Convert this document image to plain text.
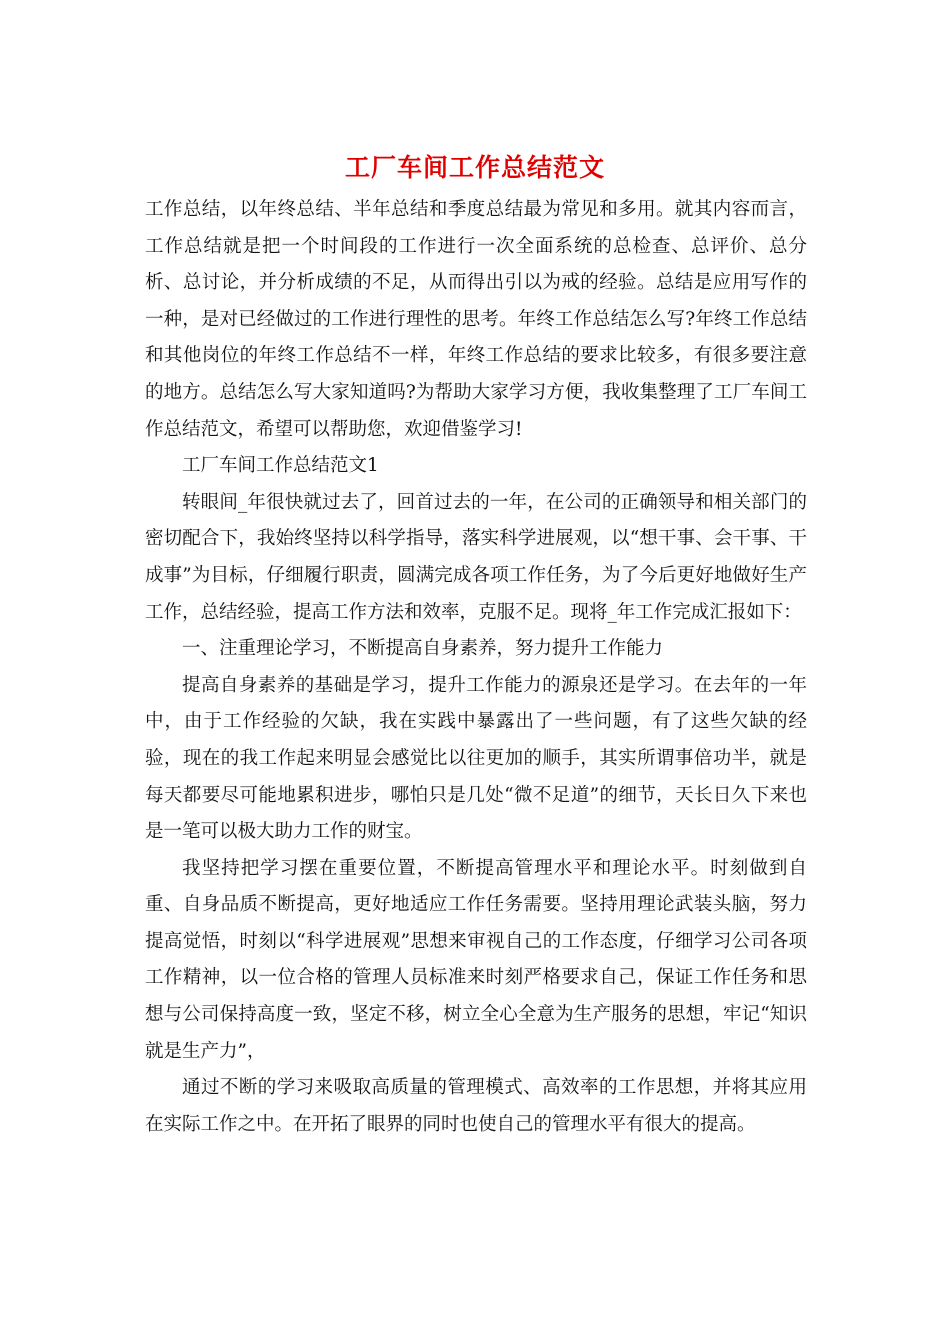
工厂车间工作总结范文

工作总结，以年终总结、半年总结和季度总结最为常见和多用。就其内容而言，工作总结就是把一个时间段的工作进行一次全面系统的总检查、总评价、总分析、总讨论，并分析成绩的不足，从而得出引以为戒的经验。总结是应用写作的一种，是对已经做过的工作进行理性的思考。年终工作总结怎么写?年终工作总结和其他岗位的年终工作总结不一样，年终工作总结的要求比较多，有很多要注意的地方。总结怎么写大家知道吗?为帮助大家学习方便，我收集整理了工厂车间工作总结范文，希望可以帮助您，欢迎借鉴学习!

工厂车间工作总结范文1

转眼间_年很快就过去了，回首过去的一年，在公司的正确领导和相关部门的密切配合下，我始终坚持以科学指导，落实科学进展观，以“想干事、会干事、干成事”为目标，仔细履行职责，圆满完成各项工作任务，为了今后更好地做好生产工作，总结经验，提高工作方法和效率，克服不足。现将_年工作完成汇报如下：

一、注重理论学习，不断提高自身素养，努力提升工作能力

提高自身素养的基础是学习，提升工作能力的源泉还是学习。在去年的一年中，由于工作经验的欠缺，我在实践中暴露出了一些问题，有了这些欠缺的经验，现在的我工作起来明显会感觉比以往更加的顺手，其实所谓事倍功半，就是每天都要尽可能地累积进步，哪怕只是几处“微不足道”的细节，天长日久下来也是一笔可以极大助力工作的财宝。

我坚持把学习摆在重要位置，不断提高管理水平和理论水平。时刻做到自重、自身品质不断提高，更好地适应工作任务需要。坚持用理论武装头脑，努力提高觉悟，时刻以“科学进展观”思想来审视自己的工作态度，仔细学习公司各项工作精神，以一位合格的管理人员标准来时刻严格要求自己，保证工作任务和思想与公司保持高度一致，坚定不移，树立全心全意为生产服务的思想，牢记“知识就是生产力”，

通过不断的学习来吸取高质量的管理模式、高效率的工作思想，并将其应用在实际工作之中。在开拓了眼界的同时也使自己的管理水平有很大的提高。
